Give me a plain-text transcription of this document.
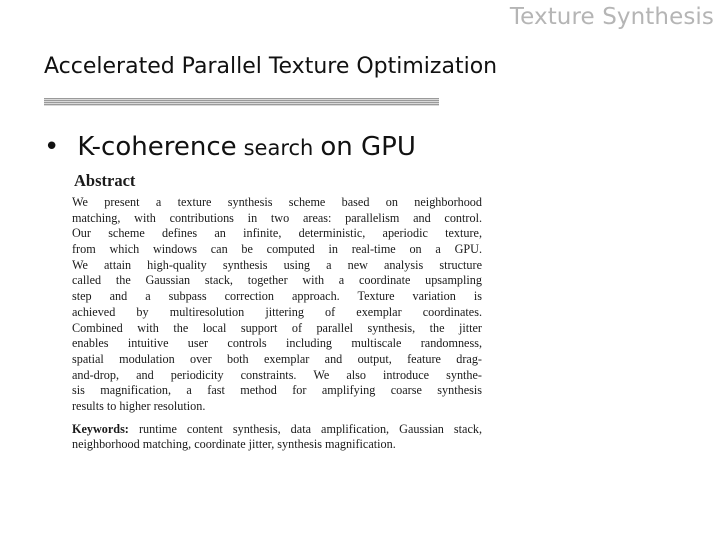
Texture Synthesis
Accelerated Parallel Texture Optimization
• K-coherence search on GPU
Abstract
We present a texture synthesis scheme based on neighborhood
matching, with contributions in two areas: parallelism and control.
Our scheme defines an infinite, deterministic, aperiodic texture,
from which windows can be computed in real-time on a GPU.
We attain high-quality synthesis using a new analysis structure
called the Gaussian stack, together with a coordinate upsampling
step and a subpass correction approach. Texture variation is
achieved by multiresolution jittering of exemplar coordinates.
Combined with the local support of parallel synthesis, the jitter
enables intuitive user controls including multiscale randomness,
spatial modulation over both exemplar and output, feature drag-
and-drop, and periodicity constraints. We also introduce synthe-
sis magnification, a fast method for amplifying coarse synthesis
results to higher resolution.
Keywords: runtime content synthesis, data amplification, Gaussian stack,
neighborhood matching, coordinate jitter, synthesis magnification.
